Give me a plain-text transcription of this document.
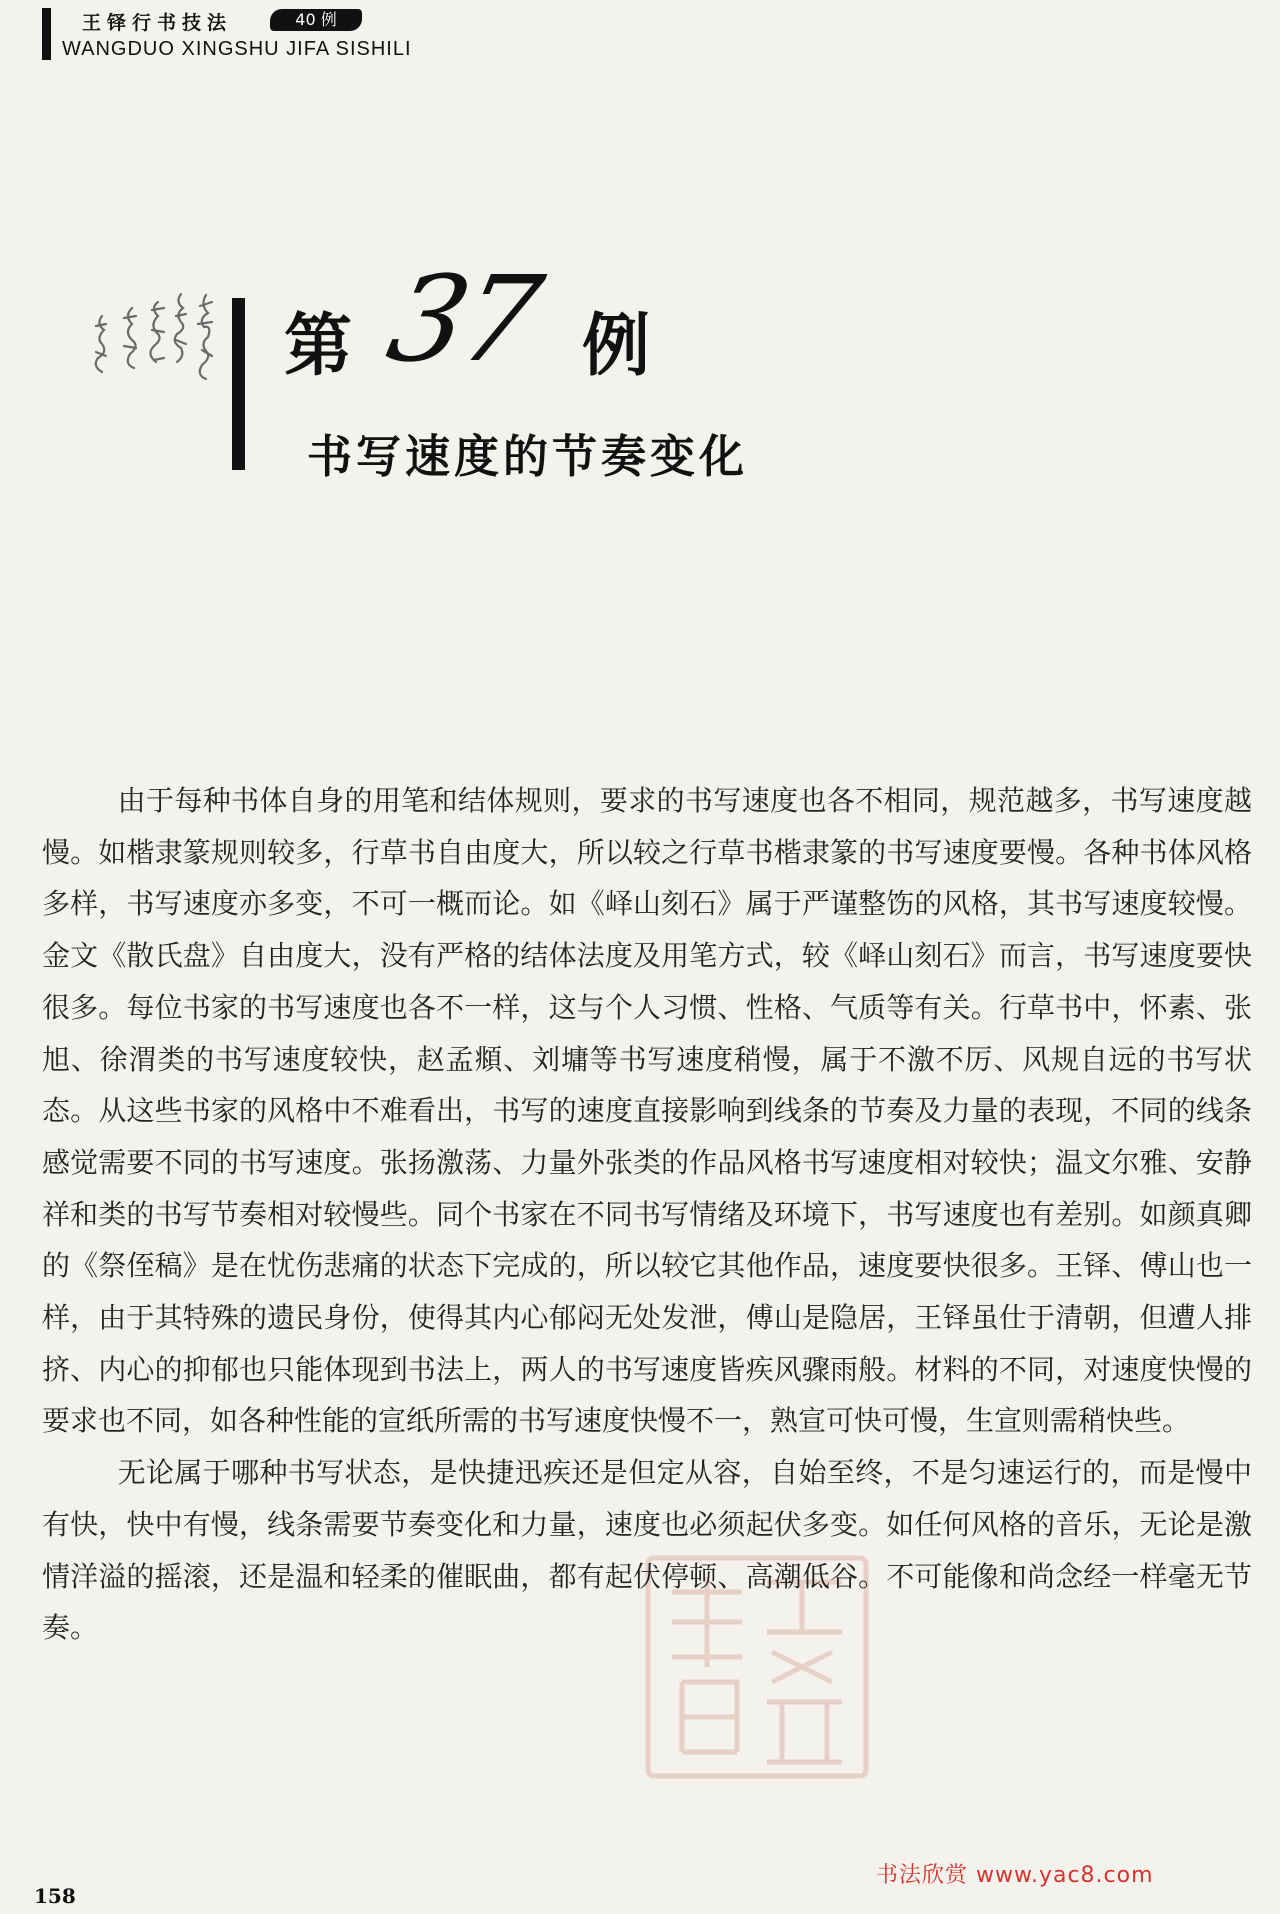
王铎行书技法	40 例
WANGDUO XINGSHU JIFA SISHILI
第 37 例
书写速度的节奏变化

由于每种书体自身的用笔和结体规则，要求的书写速度也各不相同，规范越多，书写速度越慢。如楷隶篆规则较多，行草书自由度大，所以较之行草书楷隶篆的书写速度要慢。各种书体风格多样，书写速度亦多变，不可一概而论。如《峄山刻石》属于严谨整饬的风格，其书写速度较慢。金文《散氏盘》自由度大，没有严格的结体法度及用笔方式，较《峄山刻石》而言，书写速度要快很多。每位书家的书写速度也各不一样，这与个人习惯、性格、气质等有关。行草书中，怀素、张旭、徐渭类的书写速度较快，赵孟頫、刘墉等书写速度稍慢，属于不激不厉、风规自远的书写状态。从这些书家的风格中不难看出，书写的速度直接影响到线条的节奏及力量的表现，不同的线条感觉需要不同的书写速度。张扬激荡、力量外张类的作品风格书写速度相对较快；温文尔雅、安静祥和类的书写节奏相对较慢些。同个书家在不同书写情绪及环境下，书写速度也有差别。如颜真卿的《祭侄稿》是在忧伤悲痛的状态下完成的，所以较它其他作品，速度要快很多。王铎、傅山也一样，由于其特殊的遗民身份，使得其内心郁闷无处发泄，傅山是隐居，王铎虽仕于清朝，但遭人排挤、内心的抑郁也只能体现到书法上，两人的书写速度皆疾风骤雨般。材料的不同，对速度快慢的要求也不同，如各种性能的宣纸所需的书写速度快慢不一，熟宣可快可慢，生宣则需稍快些。

无论属于哪种书写状态，是快捷迅疾还是但定从容，自始至终，不是匀速运行的，而是慢中有快，快中有慢，线条需要节奏变化和力量，速度也必须起伏多变。如任何风格的音乐，无论是激情洋溢的摇滚，还是温和轻柔的催眠曲，都有起伏停顿、高潮低谷。不可能像和尚念经一样毫无节奏。

158
书法欣赏 www.yac8.com
